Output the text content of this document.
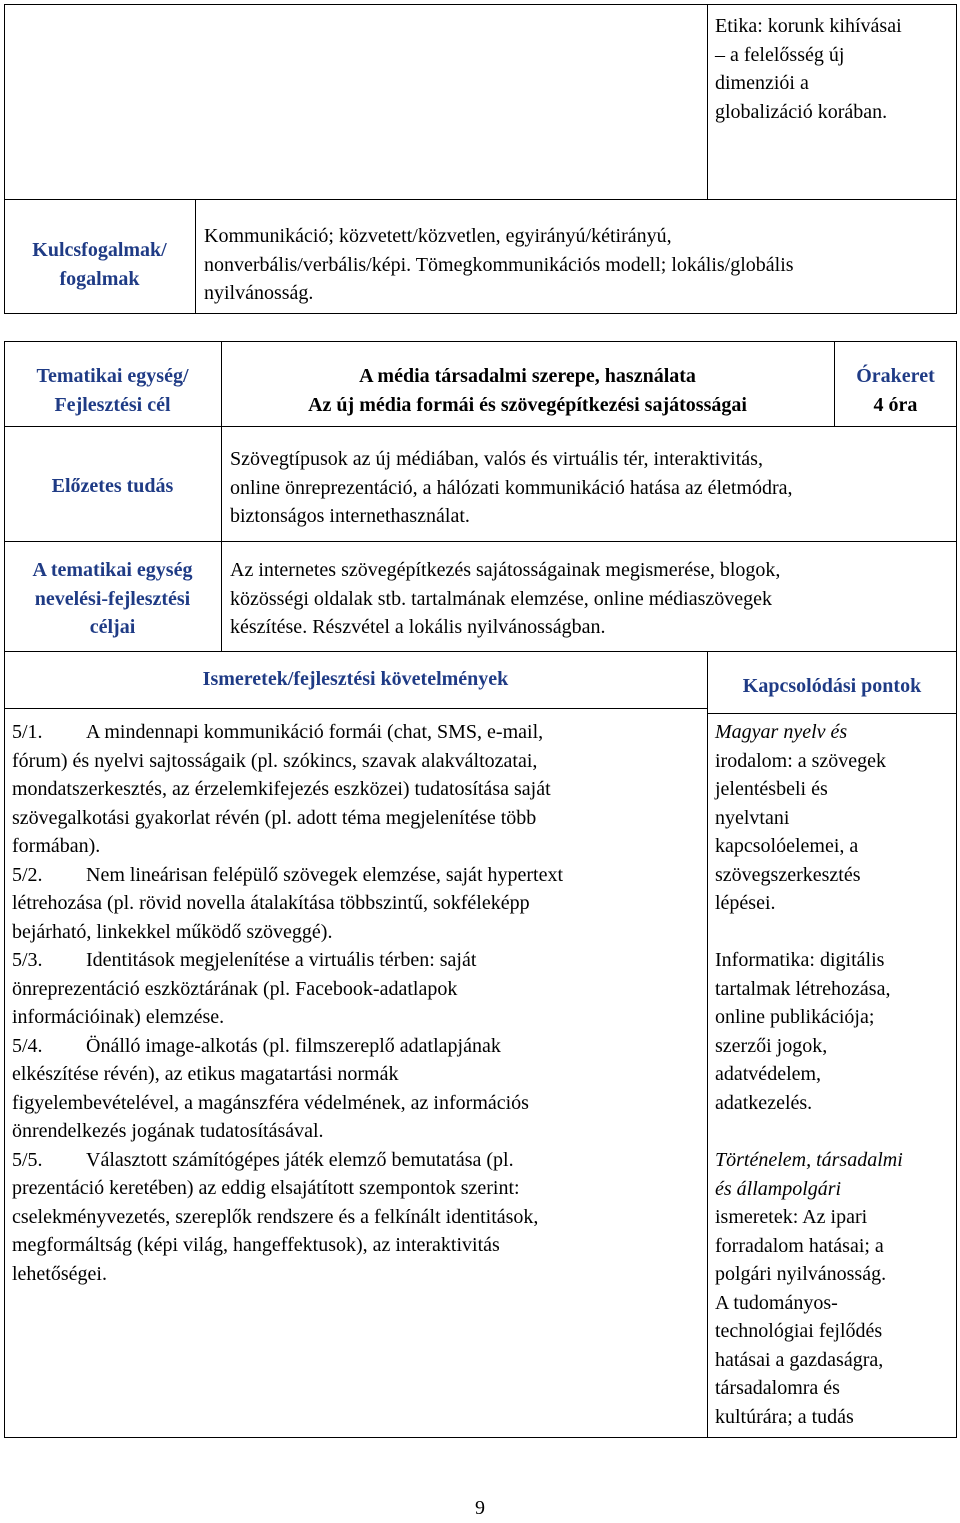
Etika: korunk kihívásai
– a felelősség új
dimenziói a
globalizáció korában.
Kulcsfogalmak/
fogalmak
Kommunikáció; közvetett/közvetlen, egyirányú/kétirányú,
nonverbális/verbális/képi. Tömegkommunikációs modell; lokális/globális
nyilvánosság.
Tematikai egység/
Fejlesztési cél
A média társadalmi szerepe, használata
Az új média formái és szövegépítkezési sajátosságai
Órakeret
4 óra
Előzetes tudás
Szövegtípusok az új médiában, valós és virtuális tér, interaktivitás,
online önreprezentáció, a hálózati kommunikáció hatása az életmódra,
biztonságos internethasználat.
A tematikai egység
nevelési-fejlesztési
céljai
Az internetes szövegépítkezés sajátosságainak megismerése, blogok,
közösségi oldalak stb. tartalmának elemzése, online médiaszövegek
készítése. Részvétel a lokális nyilvánosságban.
Ismeretek/fejlesztési követelmények	Kapcsolódási pontok
5/1. A mindennapi kommunikáció formái (chat, SMS, e-mail,
fórum) és nyelvi sajtosságaik (pl. szókincs, szavak alakváltozatai,
mondatszerkesztés, az érzelemkifejezés eszközei) tudatosítása saját
szövegalkotási gyakorlat révén (pl. adott téma megjelenítése több
formában).
5/2. Nem lineárisan felépülő szövegek elemzése, saját hypertext
létrehozása (pl. rövid novella átalakítása többszintű, sokféleképp
bejárható, linkekkel működő szöveggé).
5/3. Identitások megjelenítése a virtuális térben: saját
önreprezentáció eszköztárának (pl. Facebook-adatlapok
információinak) elemzése.
5/4. Önálló image-alkotás (pl. filmszereplő adatlapjának
elkészítése révén), az etikus magatartási normák
figyelembevételével, a magánszféra védelmének, az információs
önrendelkezés jogának tudatosításával.
5/5. Választott számítógépes játék elemző bemutatása (pl.
prezentáció keretében) az eddig elsajátított szempontok szerint:
cselekményvezetés, szereplők rendszere és a felkínált identitások,
megformáltság (képi világ, hangeffektusok), az interaktivitás
lehetőségei.
Magyar nyelv és
irodalom: a szövegek
jelentésbeli és
nyelvtani
kapcsolóelemei, a
szövegszerkesztés
lépései.
Informatika: digitális
tartalmak létrehozása,
online publikációja;
szerzői jogok,
adatvédelem,
adatkezelés.
Történelem, társadalmi
és állampolgári
ismeretek: Az ipari
forradalom hatásai; a
polgári nyilvánosság.
A tudományos-
technológiai fejlődés
hatásai a gazdaságra,
társadalomra és
kultúrára; a tudás
9
